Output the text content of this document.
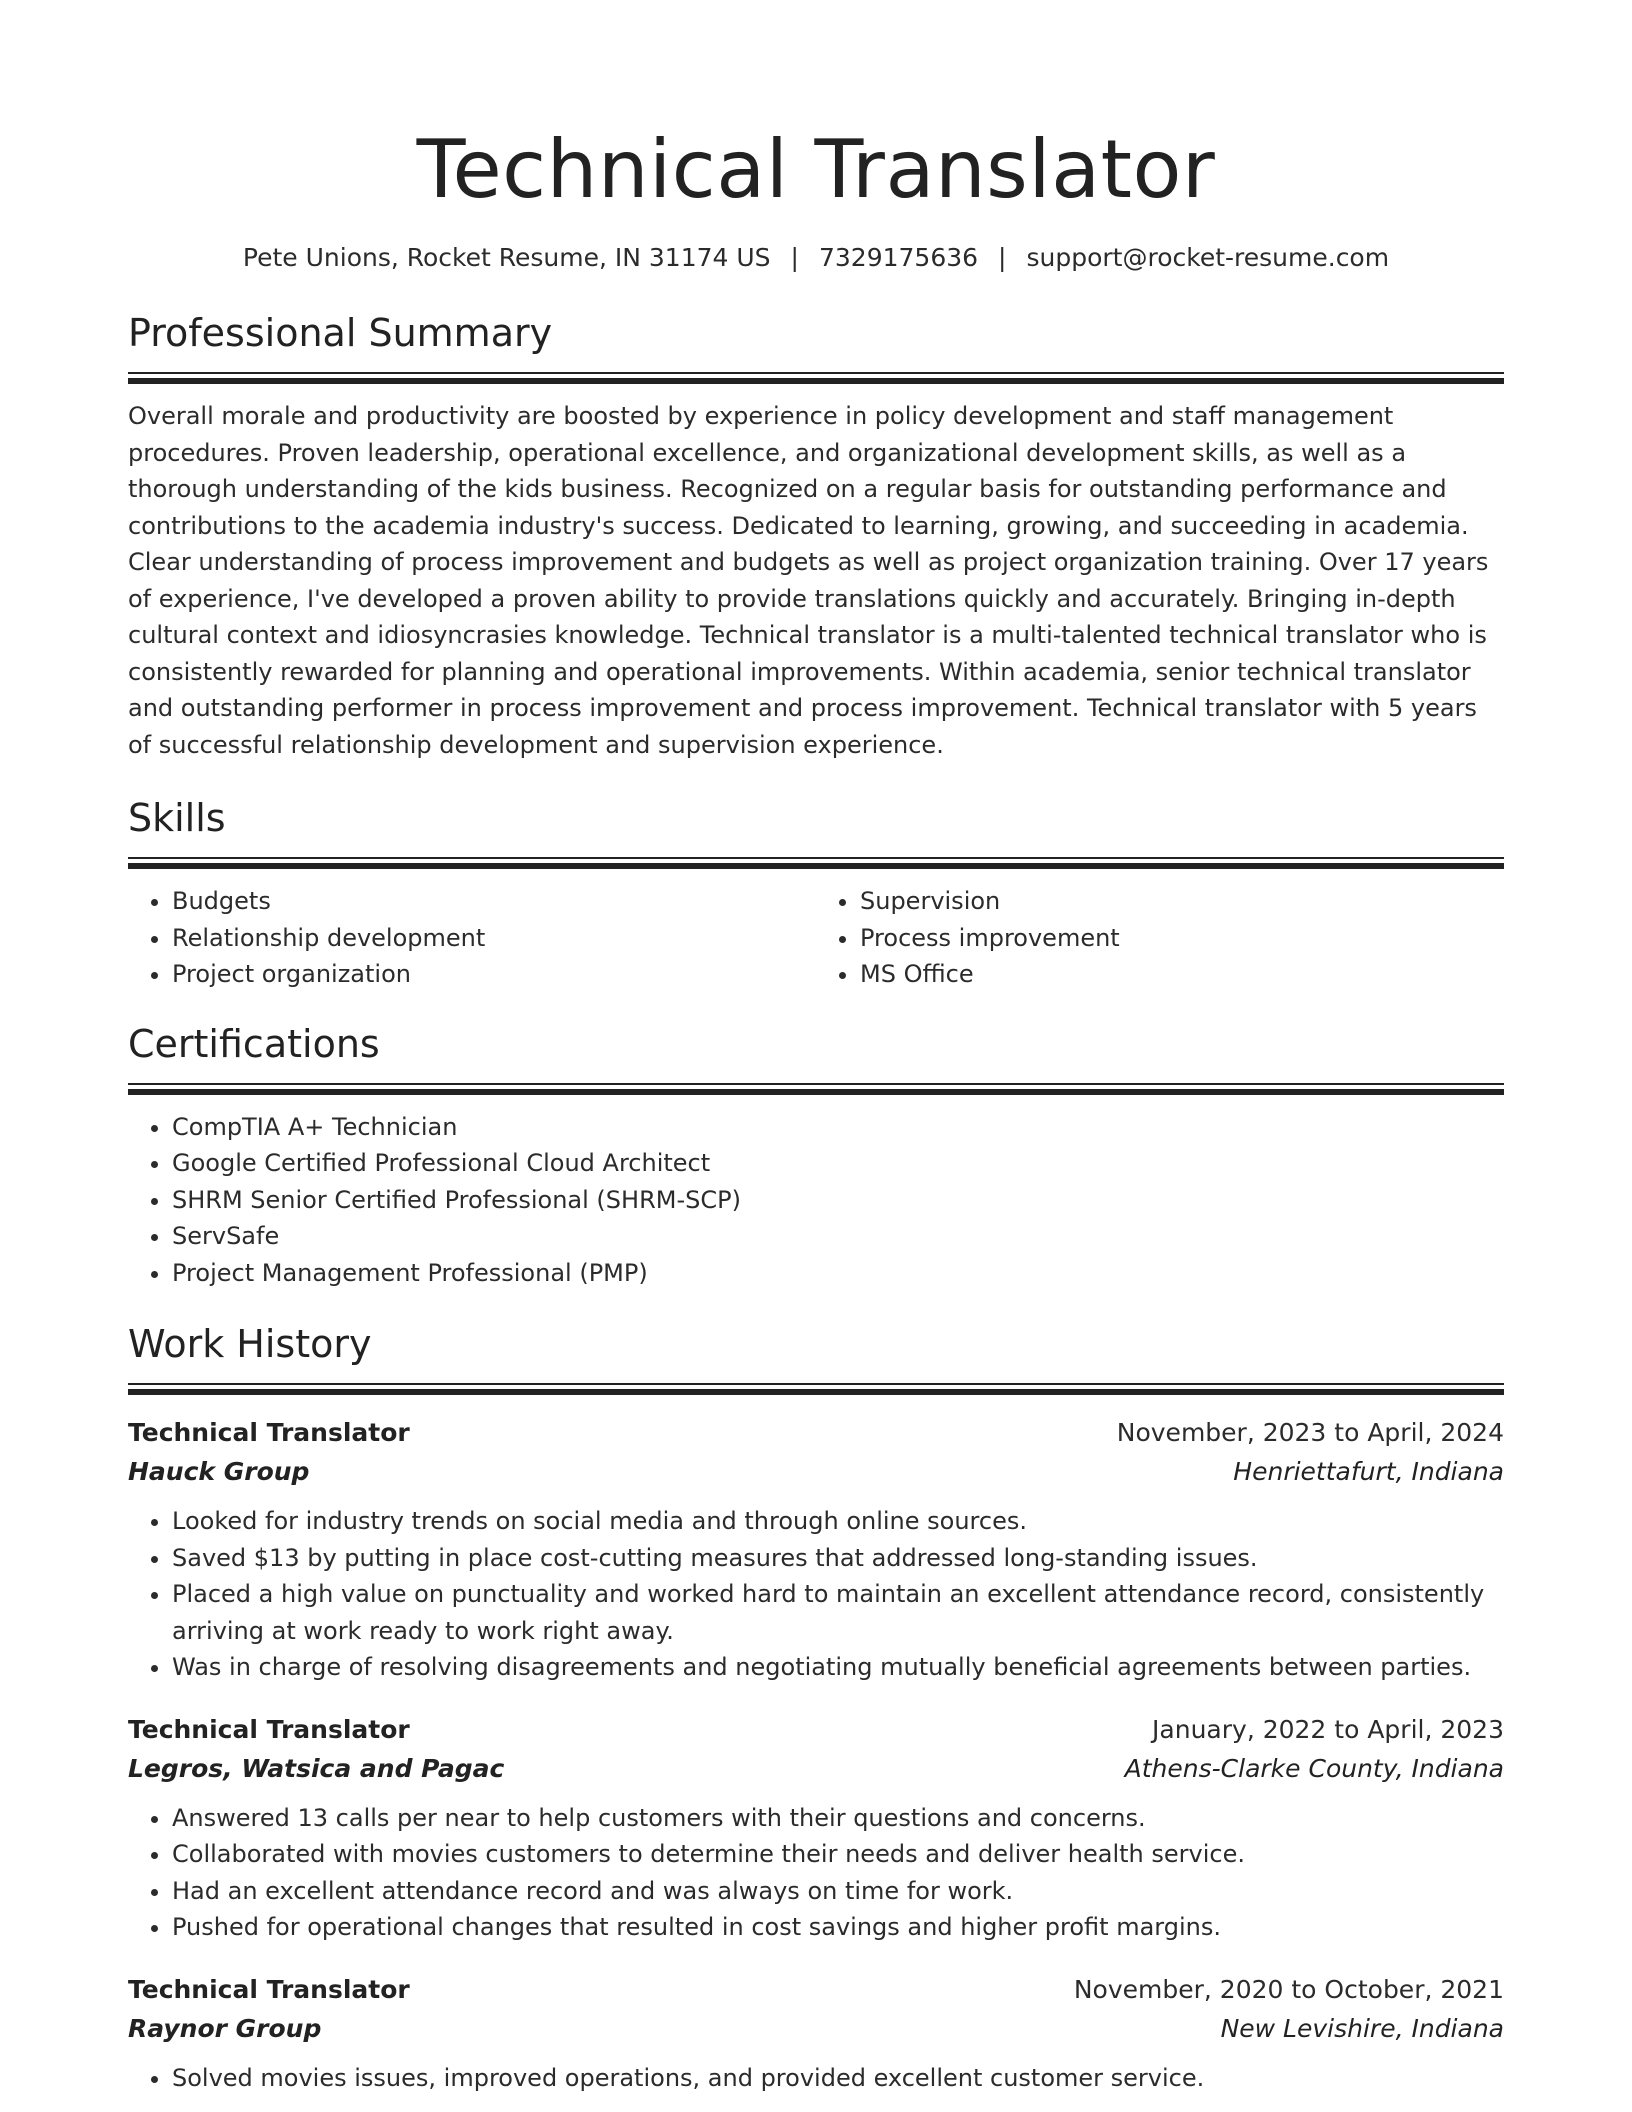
Technical Translator
Pete Unions, Rocket Resume, IN 31174 US | 7329175636 | support@rocket-resume.com
Professional Summary

Overall morale and productivity are boosted by experience in policy development and staff management procedures. Proven leadership, operational excellence, and organizational development skills, as well as a thorough understanding of the kids business. Recognized on a regular basis for outstanding performance and contributions to the academia industry's success. Dedicated to learning, growing, and succeeding in academia. Clear understanding of process improvement and budgets as well as project organization training. Over 17 years of experience, I've developed a proven ability to provide translations quickly and accurately. Bringing in-depth cultural context and idiosyncrasies knowledge. Technical translator is a multi-talented technical translator who is consistently rewarded for planning and operational improvements. Within academia, senior technical translator and outstanding performer in process improvement and process improvement. Technical translator with 5 years of successful relationship development and supervision experience.

Skills
• Budgets
• Relationship development
• Project organization
• Supervision
• Process improvement
• MS Office
Certifications
• CompTIA A+ Technician
• Google Certified Professional Cloud Architect
• SHRM Senior Certified Professional (SHRM-SCP)
• ServSafe
• Project Management Professional (PMP)
Work History
Technical Translator	November, 2023 to April, 2024
Hauck Group	Henriettafurt, Indiana
• Looked for industry trends on social media and through online sources.
• Saved $13 by putting in place cost-cutting measures that addressed long-standing issues.
• Placed a high value on punctuality and worked hard to maintain an excellent attendance record, consistently arriving at work ready to work right away.
• Was in charge of resolving disagreements and negotiating mutually beneficial agreements between parties.
Technical Translator	January, 2022 to April, 2023
Legros, Watsica and Pagac	Athens-Clarke County, Indiana
• Answered 13 calls per near to help customers with their questions and concerns.
• Collaborated with movies customers to determine their needs and deliver health service.
• Had an excellent attendance record and was always on time for work.
• Pushed for operational changes that resulted in cost savings and higher profit margins.
Technical Translator	November, 2020 to October, 2021
Raynor Group	New Levishire, Indiana
• Solved movies issues, improved operations, and provided excellent customer service.
